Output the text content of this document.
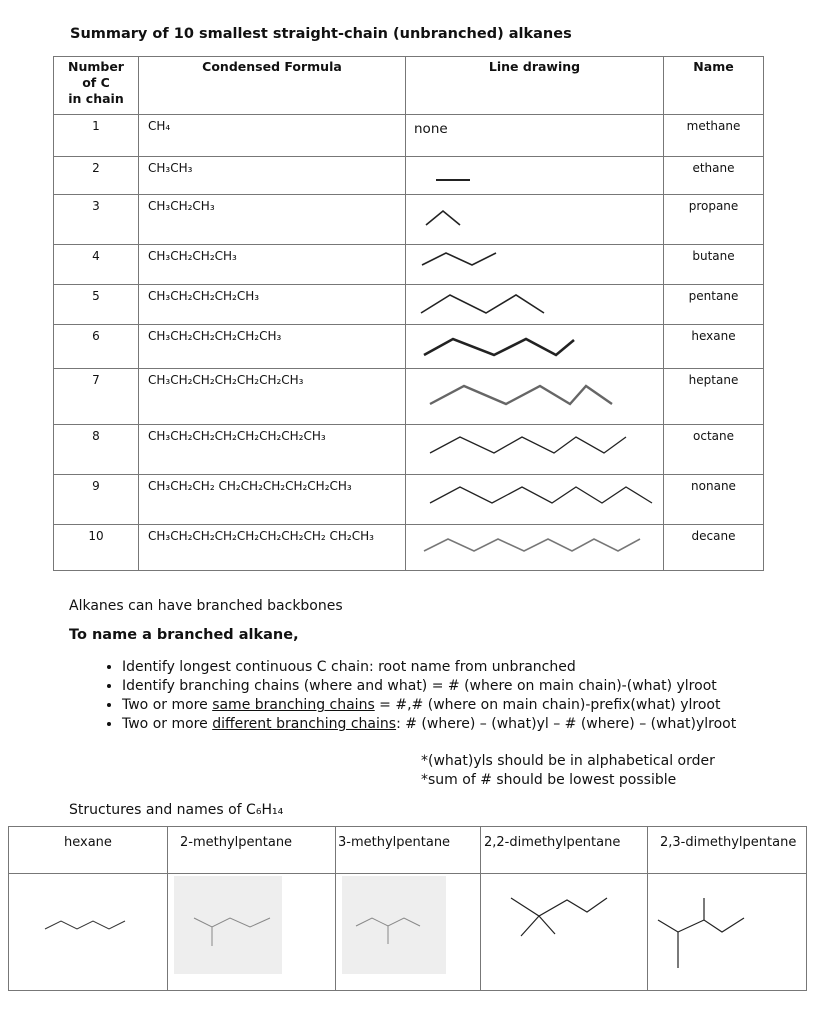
Summary of 10 smallest straight-chain (unbranched) alkanes
Number
of C
in chain	Condensed Formula	Line drawing	Name
1	CH₄	none	methane
2	CH₃CH₃		ethane
3	CH₃CH₂CH₃		propane
4	CH₃CH₂CH₂CH₃		butane
5	CH₃CH₂CH₂CH₂CH₃		pentane
6	CH₃CH₂CH₂CH₂CH₂CH₃		hexane
7	CH₃CH₂CH₂CH₂CH₂CH₂CH₃		heptane
8	CH₃CH₂CH₂CH₂CH₂CH₂CH₂CH₃		octane
9	CH₃CH₂CH₂ CH₂CH₂CH₂CH₂CH₂CH₃		nonane
10	CH₃CH₂CH₂CH₂CH₂CH₂CH₂CH₂ CH₂CH₃		decane
Alkanes can have branched backbones
To name a branched alkane,
• Identify longest continuous C chain: root name from unbranched
• Identify branching chains (where and what) = # (where on main chain)-(what) ylroot
• Two or more same branching chains = #,# (where on main chain)-prefix(what) ylroot
• Two or more different branching chains: # (where) – (what)yl – # (where) – (what)ylroot
*(what)yls should be in alphabetical order
*sum of # should be lowest possible
Structures and names of C₆H₁₄
hexane	2-methylpentane	3-methylpentane	2,2-dimethylpentane	2,3-dimethylpentane
